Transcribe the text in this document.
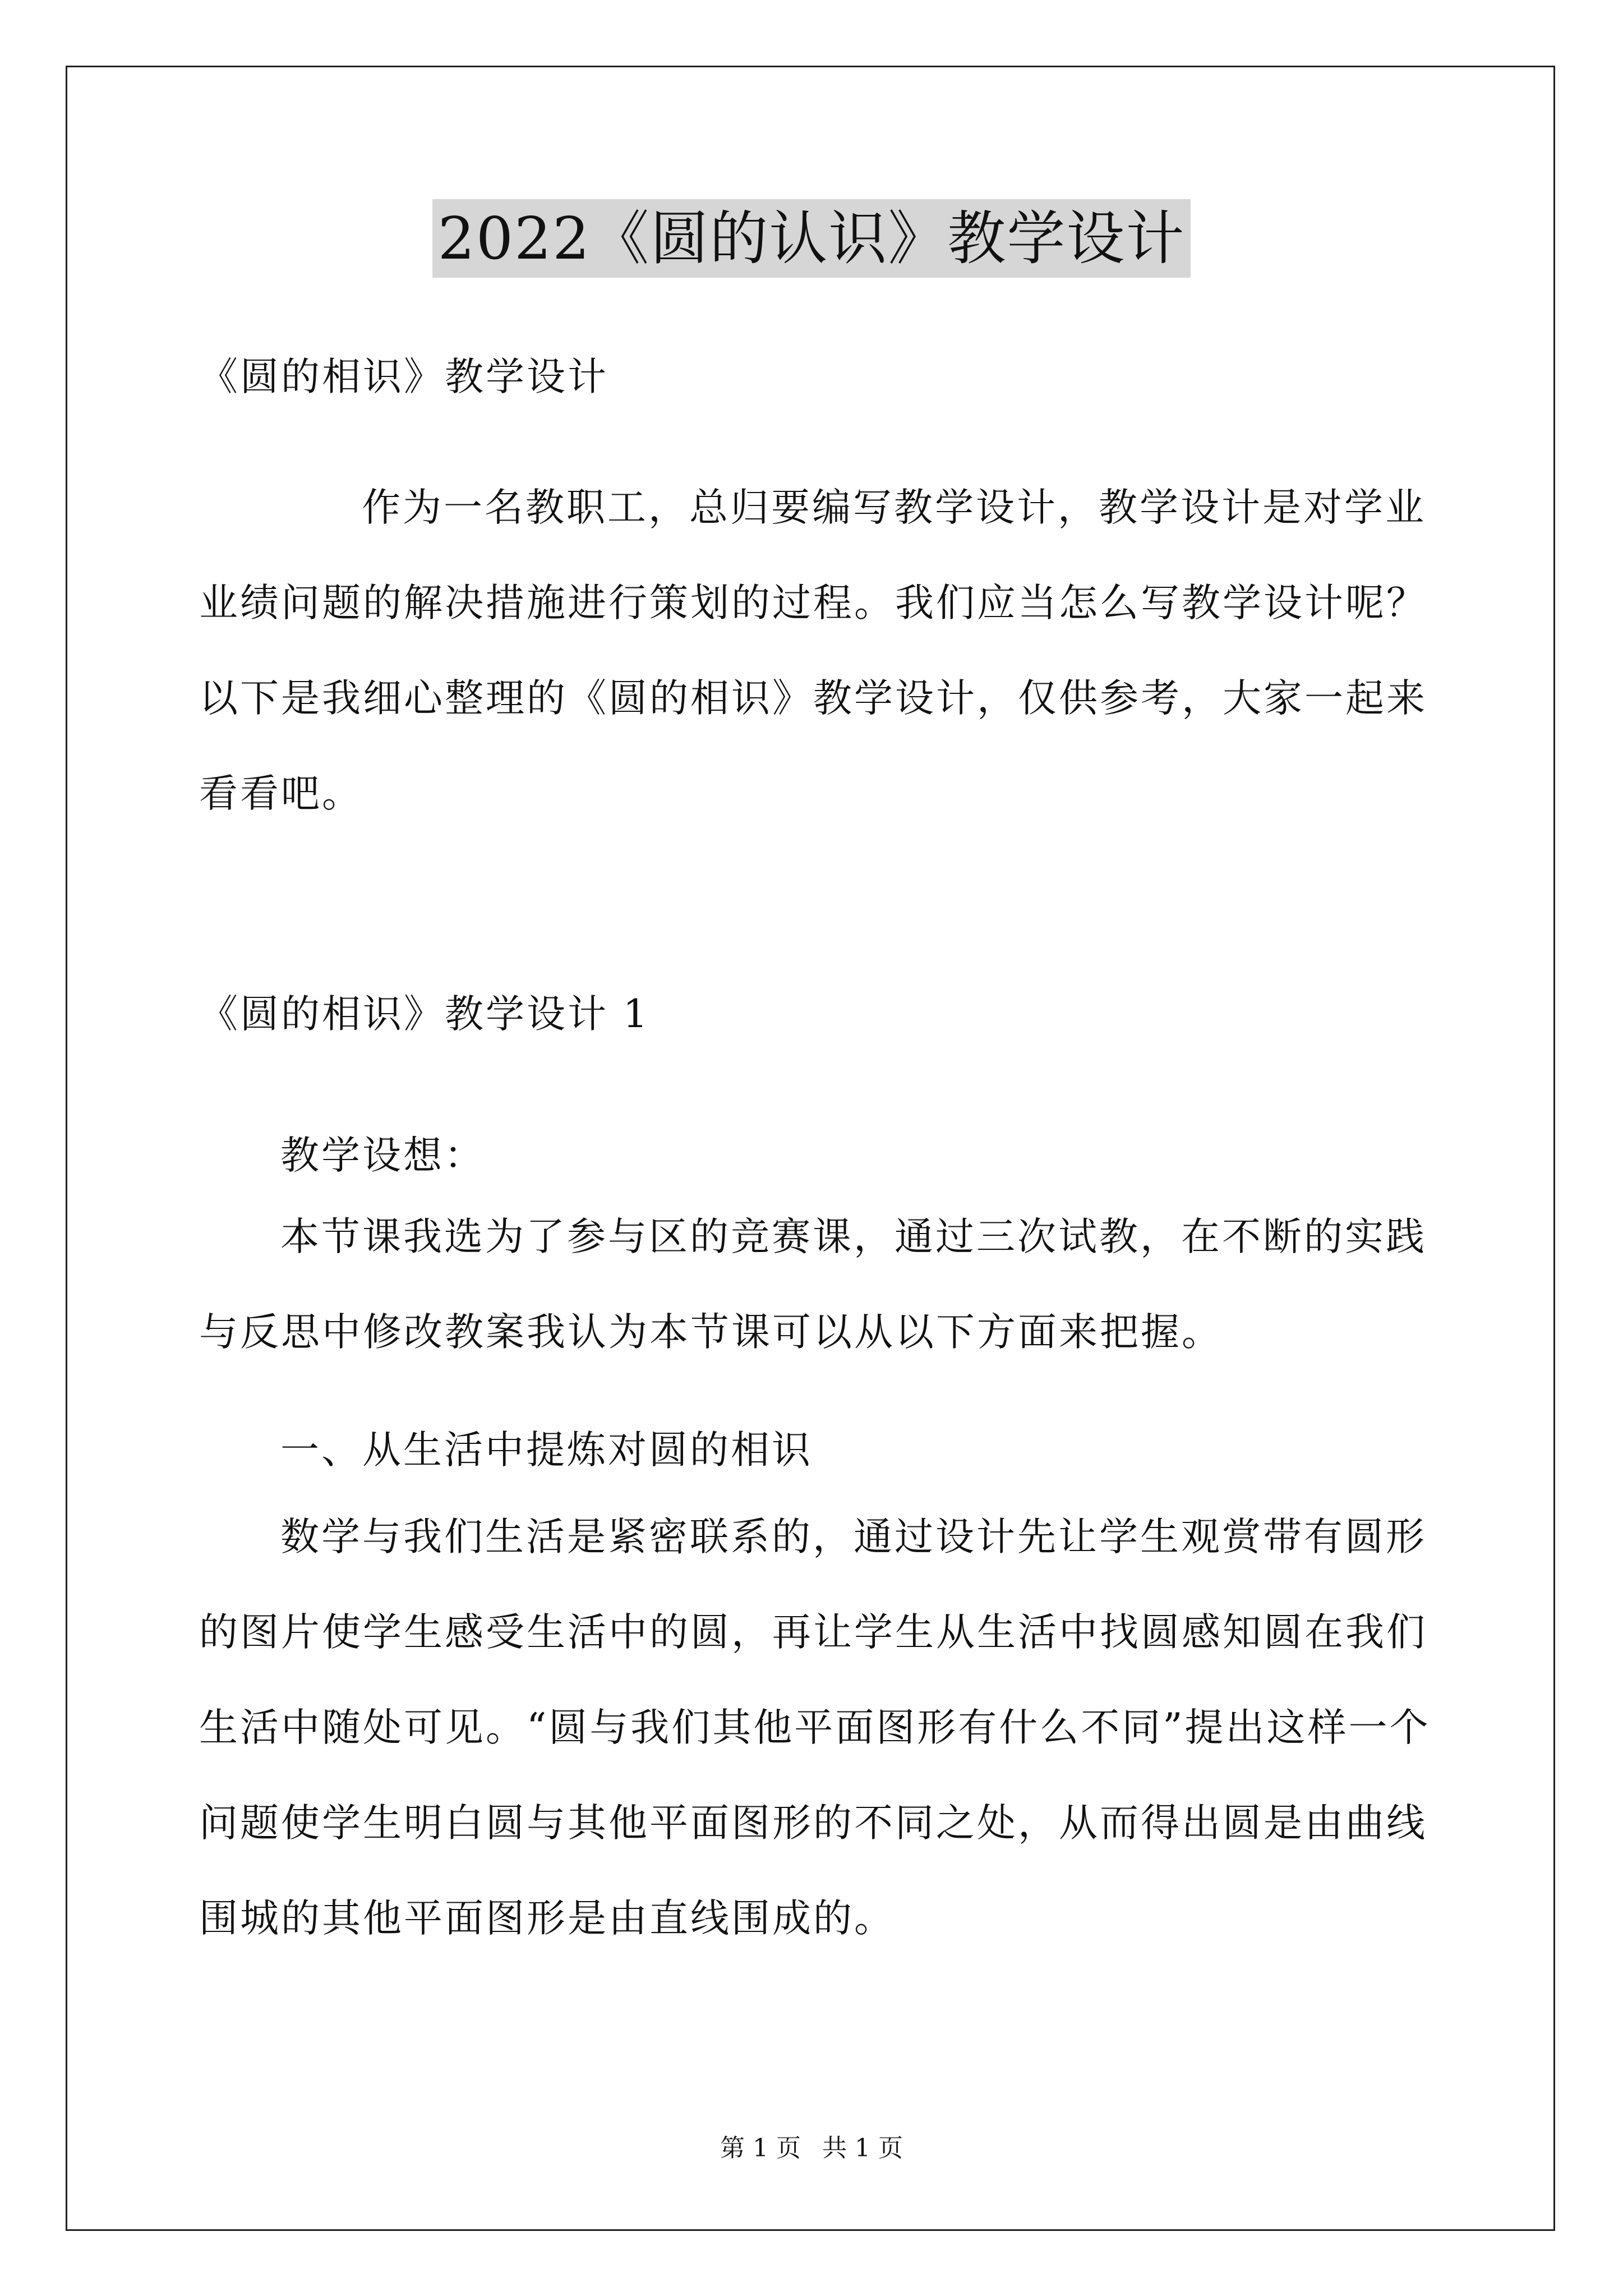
2022《圆的认识》教学设计

《圆的相识》教学设计

作为一名教职工，总归要编写教学设计，教学设计是对学业业绩问题的解决措施进行策划的过程。我们应当怎么写教学设计呢？以下是我细心整理的《圆的相识》教学设计，仅供参考，大家一起来看看吧。

《圆的相识》教学设计 1

教学设想：

本节课我选为了参与区的竞赛课，通过三次试教，在不断的实践与反思中修改教案我认为本节课可以从以下方面来把握。

一、从生活中提炼对圆的相识

数学与我们生活是紧密联系的，通过设计先让学生观赏带有圆形的图片使学生感受生活中的圆，再让学生从生活中找圆感知圆在我们生活中随处可见。“圆与我们其他平面图形有什么不同”提出这样一个问题使学生明白圆与其他平面图形的不同之处，从而得出圆是由曲线围城的其他平面图形是由直线围成的。

第 1 页 共 1 页
